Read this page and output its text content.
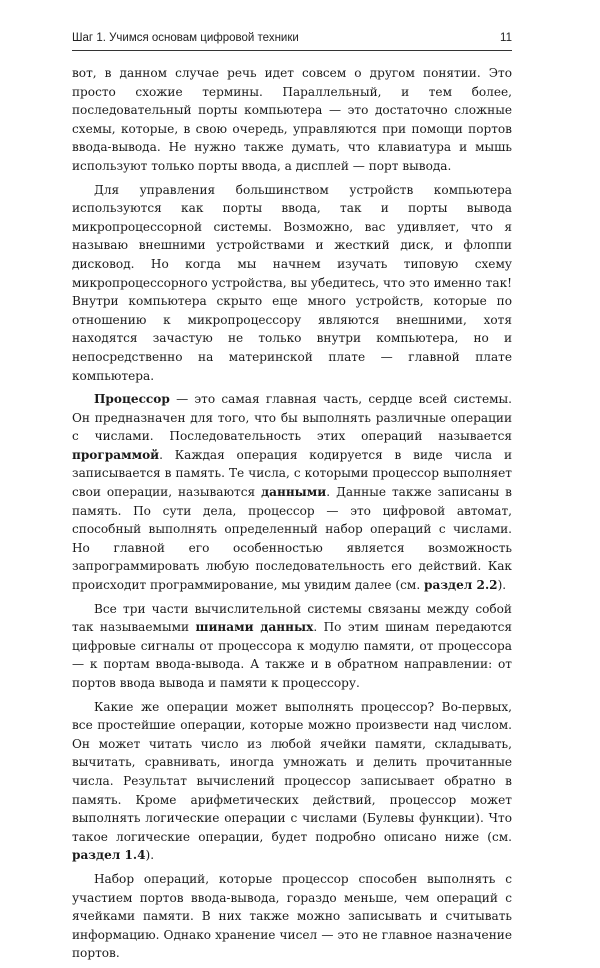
Шаг 1. Учимся основам цифровой техники	11

вот, в данном случае речь идет совсем о другом понятии. Это просто схожие термины. Параллельный, и тем более, последовательный порты компьютера — это достаточно сложные схемы, которые, в свою очередь, управляются при помощи портов ввода-вывода. Не нужно также думать, что клавиатура и мышь используют только порты ввода, а дисплей — порт вывода.

Для управления большинством устройств компьютера используются как порты ввода, так и порты вывода микропроцессорной системы. Возможно, вас удивляет, что я называю внешними устройствами и жесткий диск, и флоппи дисковод. Но когда мы начнем изучать типовую схему микропроцессорного устройства, вы убедитесь, что это именно так! Внутри компьютера скрыто еще много устройств, которые по отношению к микропроцессору являются внешними, хотя находятся зачастую не только внутри компьютера, но и непосредственно на материнской плате — главной плате компьютера.

Процессор — это самая главная часть, сердце всей системы. Он предназначен для того, что бы выполнять различные операции с числами. Последовательность этих операций называется программой. Каждая операция кодируется в виде числа и записывается в память. Те числа, с которыми процессор выполняет свои операции, называются данными. Данные также записаны в память. По сути дела, процессор — это цифровой автомат, способный выполнять определенный набор операций с числами. Но главной его особенностью является возможность запрограммировать любую последовательность его действий. Как происходит программирование, мы увидим далее (см. раздел 2.2).

Все три части вычислительной системы связаны между собой так называемыми шинами данных. По этим шинам передаются цифровые сигналы от процессора к модулю памяти, от процессора — к портам ввода-вывода. А также и в обратном направлении: от портов ввода вывода и памяти к процессору.

Какие же операции может выполнять процессор? Во-первых, все простейшие операции, которые можно произвести над числом. Он может читать число из любой ячейки памяти, складывать, вычитать, сравнивать, иногда умножать и делить прочитанные числа. Результат вычислений процессор записывает обратно в память. Кроме арифметических действий, процессор может выполнять логические операции с числами (Булевы функции). Что такое логические операции, будет подробно описано ниже (см. раздел 1.4).

Набор операций, которые процессор способен выполнять с участием портов ввода-вывода, гораздо меньше, чем операций с ячейками памяти. В них также можно записывать и считывать информацию. Однако хранение чисел — это не главное назначение портов.
